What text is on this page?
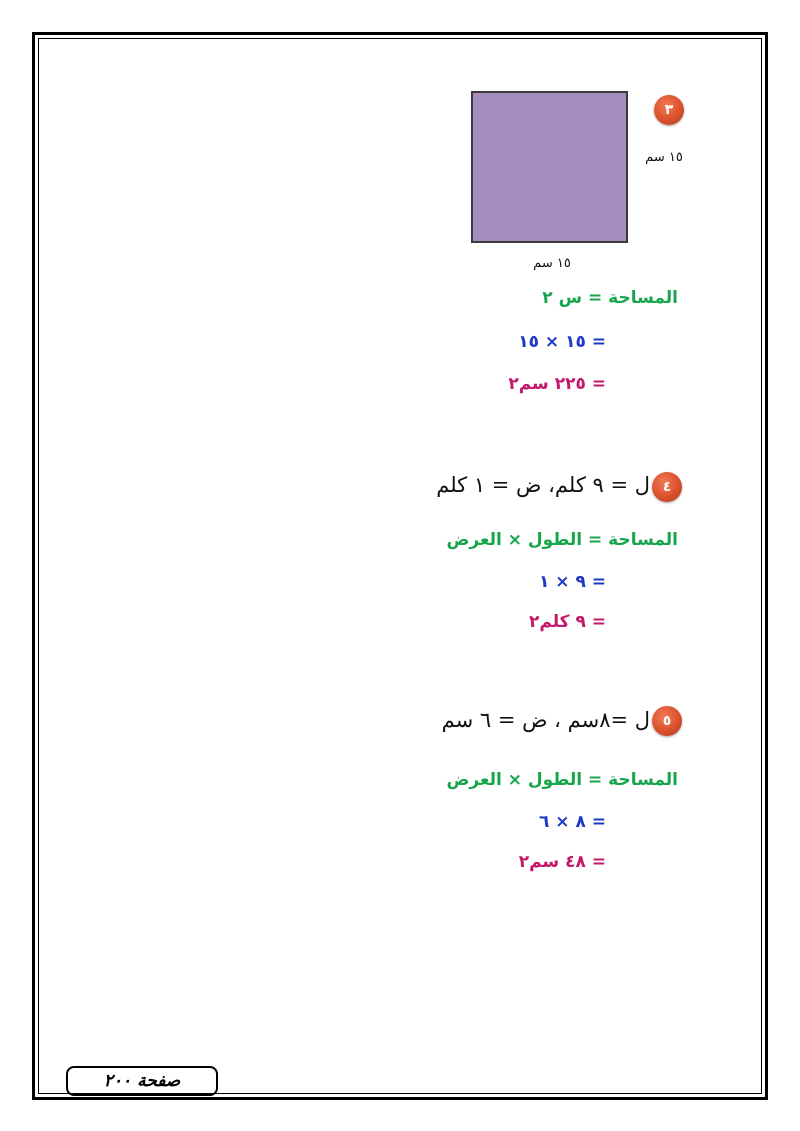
٣
١٥ سم
١٥ سم
المساحة = س ٢
= ١٥ × ١٥
= ٢٢٥ سم٢
٤
ل = ٩ كلم، ض = ١ كلم
المساحة = الطول × العرض
= ٩ × ١
= ٩ كلم٢
٥
ل =٨سم ، ض = ٦ سم
المساحة = الطول × العرض
= ٨ × ٦
= ٤٨ سم٢
صفحة ٢٠٠
